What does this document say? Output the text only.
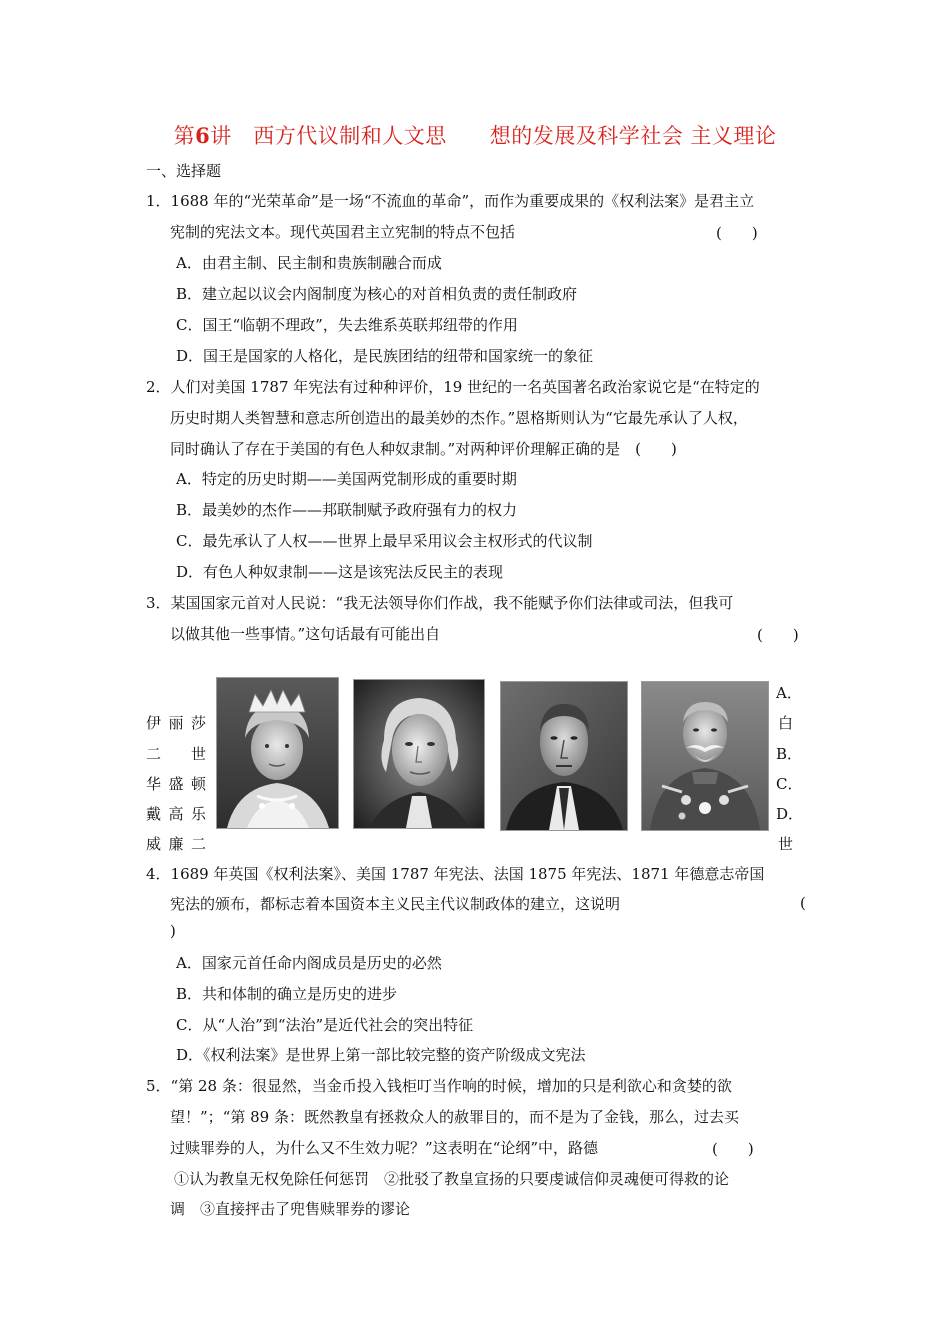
第6讲　西方代议制和人文思　　想的发展及科学社会 主义理论
一、选择题
1．1688 年的“光荣革命”是一场“不流血的革命”，而作为重要成果的《权利法案》是君主立
宪制的宪法文本。现代英国君主立宪制的特点不包括	(　　)
A．由君主制、民主制和贵族制融合而成
B．建立起以议会内阁制度为核心的对首相负责的责任制政府
C．国王“临朝不理政”，失去维系英联邦纽带的作用
D．国王是国家的人格化，是民族团结的纽带和国家统一的象征
2．人们对美国 1787 年宪法有过种种评价，19 世纪的一名英国著名政治家说它是“在特定的
历史时期人类智慧和意志所创造出的最美妙的杰作。”恩格斯则认为“它最先承认了人权，
同时确认了存在于美国的有色人种奴隶制。”对两种评价理解正确的是　(　　)
A．特定的历史时期——美国两党制形成的重要时期
B．最美妙的杰作——邦联制赋予政府强有力的权力
C．最先承认了人权——世界上最早采用议会主权形式的代议制
D．有色人种奴隶制——这是该宪法反民主的表现
3．某国国家元首对人民说：“我无法领导你们作战，我不能赋予你们法律或司法，但我可
以做其他一些事情。”这句话最有可能出自	(　　)
伊 丽 莎
二 世
华 盛 顿
戴 高 乐
威 廉 二
A．
白
B．
C．
D．
世
4．1689 年英国《权利法案》、美国 1787 年宪法、法国 1875 年宪法、1871 年德意志帝国
宪法的颁布，都标志着本国资本主义民主代议制政体的建立，这说明	(
)
A．国家元首任命内阁成员是历史的必然
B．共和体制的确立是历史的进步
C．从“人治”到“法治”是近代社会的突出特征
D．《权利法案》是世界上第一部比较完整的资产阶级成文宪法
5．“第 28 条：很显然，当金币投入钱柜叮当作响的时候，增加的只是利欲心和贪婪的欲
望！”；“第 89 条：既然教皇有拯救众人的赦罪目的，而不是为了金钱，那么，过去买
过赎罪券的人，为什么又不生效力呢？”这表明在“论纲”中，路德	(　　)
①认为教皇无权免除任何惩罚　②批驳了教皇宣扬的只要虔诚信仰灵魂便可得救的论
调　③直接抨击了兜售赎罪券的谬论
